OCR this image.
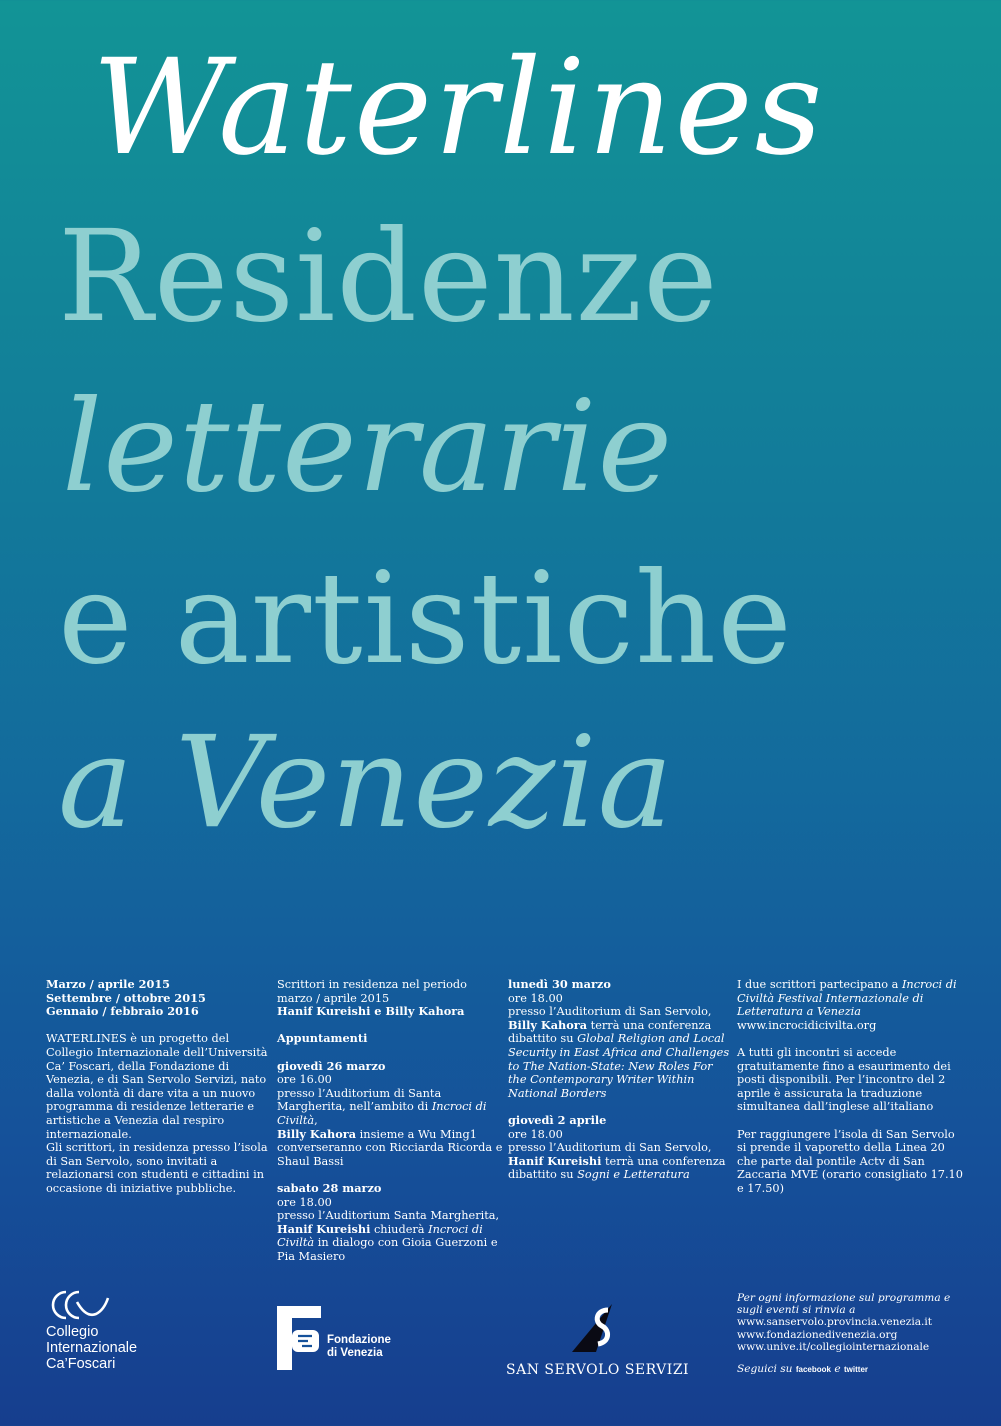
Waterlines
Residenze
letterarie
e artistiche
a Venezia

Marzo / aprile 2015

Settembre / ottobre 2015

Gennaio / febbraio 2016

WATERLINES è un progetto del Collegio Internazionale dell’Università Ca’ Foscari, della Fondazione di Venezia, e di San Servolo Servizi, nato dalla volontà di dare vita a un nuovo programma di residenze letterarie e artistiche a Venezia dal respiro internazionale.

Gli scrittori, in residenza presso l’isola di San Servolo, sono invitati a relazionarsi con studenti e cittadini in occasione di iniziative pubbliche.

Scrittori in residenza nel periodo marzo / aprile 2015

Hanif Kureishi e Billy Kahora

Appuntamenti

giovedì 26 marzo

ore 16.00

presso l’Auditorium di Santa Margherita, nell’ambito di Incroci di Civiltà,
Billy Kahora insieme a Wu Ming1 converseranno con Ricciarda Ricorda e Shaul Bassi

sabato 28 marzo

ore 18.00

presso l’Auditorium Santa Margherita,
Hanif Kureishi chiuderà Incroci di Civiltà in dialogo con Gioia Guerzoni e Pia Masiero

lunedì 30 marzo

ore 18.00

presso l’Auditorium di San Servolo,
Billy Kahora terrà una conferenza dibattito su Global Religion and Local Security in East Africa and Challenges to The Nation-State: New Roles For the Contemporary Writer Within National Borders

giovedì 2 aprile

ore 18.00

presso l’Auditorium di San Servolo,
Hanif Kureishi terrà una conferenza dibattito su Sogni e Letteratura

I due scrittori partecipano a Incroci di Civiltà Festival Internazionale di Letteratura a Venezia
www.incrocidicivilta.org

A tutti gli incontri si accede gratuitamente fino a esaurimento dei posti disponibili. Per l’incontro del 2 aprile è assicurata la traduzione simultanea dall’inglese all’italiano

Per raggiungere l’isola di San Servolo si prende il vaporetto della Linea 20 che parte dal pontile Actv di San Zaccaria MVE (orario consigliato 17.10 e 17.50)

Collegio
Internazionale
Ca’Foscari
Fondazione
di Venezia
SAN SERVOLO SERVIZI

Per ogni informazione sul programma e sugli eventi si rinvia a

www.sanservolo.provincia.venezia.it

www.fondazionedivenezia.org

www.unive.it/collegiointernazionale

Seguici su facebook e twitter
